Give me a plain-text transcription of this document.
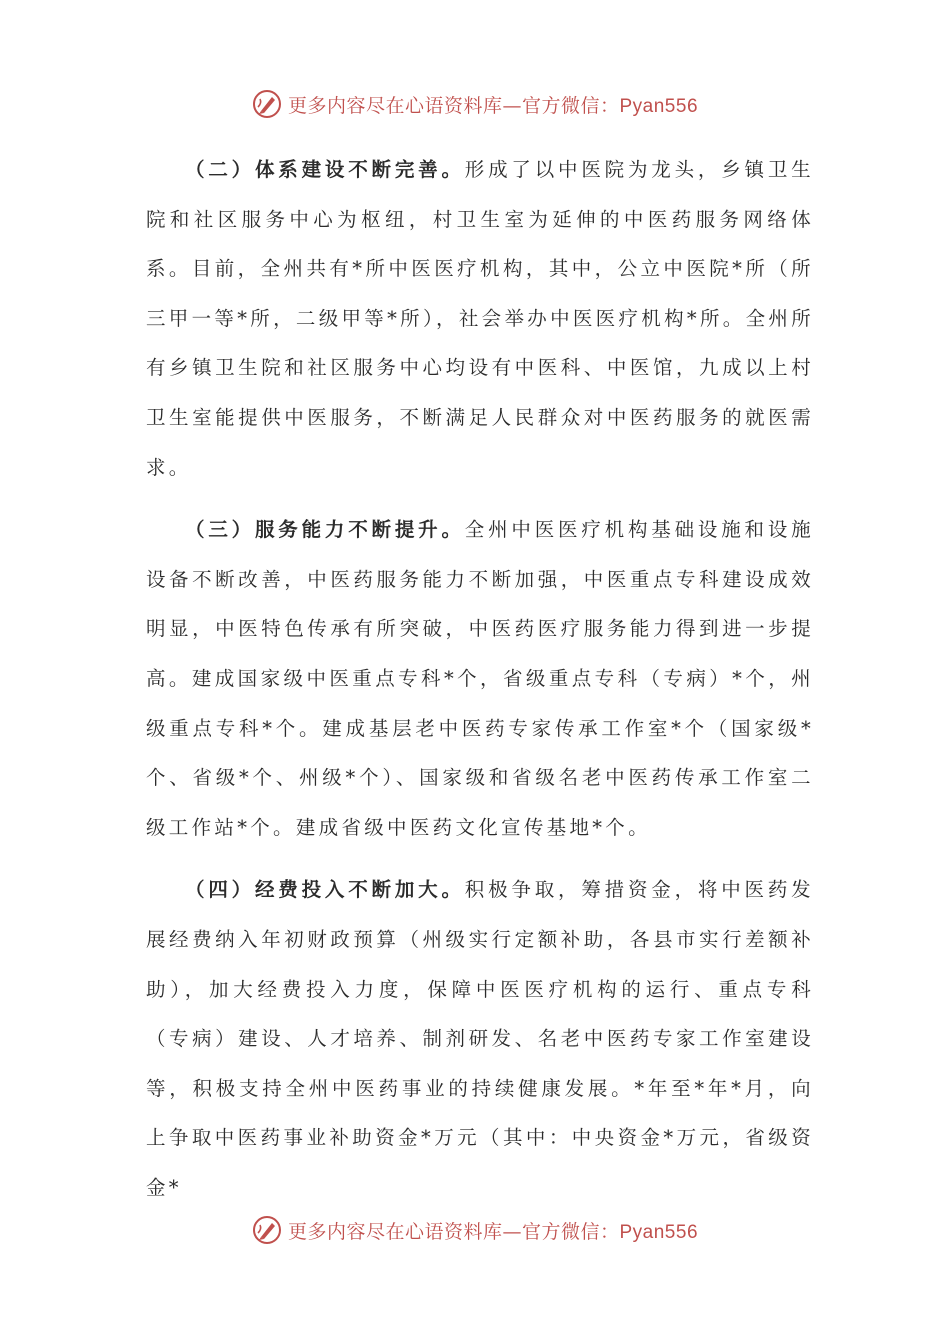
更多内容尽在心语资料库—官方微信：Pyan556

（二）体系建设不断完善。形成了以中医院为龙头，乡镇卫生院和社区服务中心为枢纽，村卫生室为延伸的中医药服务网络体系。目前，全州共有*所中医医疗机构，其中，公立中医院*所（所三甲一等*所，二级甲等*所），社会举办中医医疗机构*所。全州所有乡镇卫生院和社区服务中心均设有中医科、中医馆，九成以上村卫生室能提供中医服务，不断满足人民群众对中医药服务的就医需求。

（三）服务能力不断提升。全州中医医疗机构基础设施和设施设备不断改善，中医药服务能力不断加强，中医重点专科建设成效明显，中医特色传承有所突破，中医药医疗服务能力得到进一步提高。建成国家级中医重点专科*个，省级重点专科（专病）*个，州级重点专科*个。建成基层老中医药专家传承工作室*个（国家级*个、省级*个、州级*个）、国家级和省级名老中医药传承工作室二级工作站*个。建成省级中医药文化宣传基地*个。

（四）经费投入不断加大。积极争取，筹措资金，将中医药发展经费纳入年初财政预算（州级实行定额补助，各县市实行差额补助），加大经费投入力度，保障中医医疗机构的运行、重点专科（专病）建设、人才培养、制剂研发、名老中医药专家工作室建设等，积极支持全州中医药事业的持续健康发展。*年至*年*月，向上争取中医药事业补助资金*万元（其中：中央资金*万元，省级资金*

更多内容尽在心语资料库—官方微信：Pyan556
